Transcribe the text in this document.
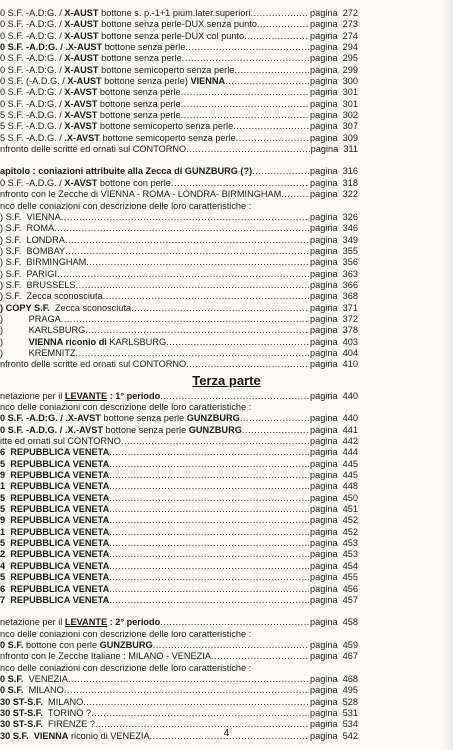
0 S.F. -A.D:G. / X-AUST bottone s. p.-1+1 pium.later.superiori .....	pagina  272
0 S.F. -A.D:G. / X-AUST bottone senza perle-DUX senza punto .....	pagina  273
0 S.F. -A.D:G. / X-AUST bottone senza perle-DUX col punto .....	pagina  274
0 S.F. -A.D:G. / .X-AUST bottone senza perle .....	pagina  294
0 S.F. -A.D:G. / X-AUST bottone senza perle .....	pagina  295
0 S.F. -A.D:G. / X-AUST bottone semicoperto senza perle .....	pagina  299
0 S.F. (-A.D.G. / X-AUST bottone senza perle) VIENNA .....	pagina  300
0 S.F. -A.D:G. / X-AVST bottone senza perle .....	pagina  301
0 S.F. -A.D:G. / X-AVST bottone senza perle .....	pagina  301
5 S.F. -A.D.G. / X-AVST bottone senza perle .....	pagina  302
5 S.F. -A.D.G. / X-AVST bottone semicoperto senza perle .....	pagina  307
5 S.F. -A.D.G. / .X-AVST bottone semicoperto senza perle .....	pagina  309
nfronto delle scritte ed ornati sul CONTORNO .....	pagina  311
apitolo : coniazioni attribuite alla Zecca di GUNZBURG (?) .....	pagina  316
0 S.F. -A.D.G. / X-AVST bottone con perle .....	pagina  318
nfronto con le Zecche di VIENNA - ROMA - LONDRA- BIRMINGHAM .....	pagina  322
nco delle coniazioni con descrizione delle loro caratteristiche :
) S.F.  VIENNA .....	pagina  326
) S.F.  ROMA .....	pagina  346
) S.F.  LONDRA .....	pagina  349
) S.F.  BOMBAY .....	pagina  355
) S.F.  BIRMINGHAM .....	pagina  356
) S.F.  PARIGI .....	pagina  363
) S.F.  BRUSSELS .....	pagina  366
) S.F.  Zecca sconosciuta .....	pagina  368
) COPY S.F.  Zecca sconosciuta .....	pagina  371
)          PRAGA .....	pagina  372
)          KARLSBURG .....	pagina  378
)          VIENNA riconio di KARLSBURG .....	pagina  403
)          KREMNITZ .....	pagina  404
nfronto delle scritte ed ornati sul CONTORNO .....	pagina  410
Terza parte
netazione per il LEVANTE : 1° periodo .....	pagina  440
nco delle coniazioni con descrizione delle loro caratteristiche :
0 S.F. -A.D:G. / .X-AVST bottone senza perle GUNZBURG .....	pagina  440
0 S.F. -A.D.G. / .X.-AVST bottone senza perle GUNZBURG .....	pagina  441
itte ed ornati sul CONTORNO .....	pagina  442
6  REPUBBLICA VENETA .....	pagina  444
5  REPUBBLICA VENETA .....	pagina  445
9  REPUBBLICA VENETA .....	pagina  445
1  REPUBBLICA VENETA .....	pagina  448
5  REPUBBLICA VENETA .....	pagina  450
5  REPUBBLICA VENETA .....	pagina  451
9  REPUBBLICA VENETA .....	pagina  452
1  REPUBBLICA VENETA .....	pagina  452
5  REPUBBLICA VENETA .....	pagina  453
2  REPUBBLICA VENETA .....	pagina  453
4  REPUBBLICA VENETA .....	pagina  454
5  REPUBBLICA VENETA .....	pagina  455
6  REPUBBLICA VENETA .....	pagina  456
7  REPUBBLICA VENETA .....	pagina  457
netazione per il LEVANTE : 2° periodo .....	pagina  458
nco delle coniazioni con descrizione delle loro caratteristiche :
0 S.F. bottone con perle GUNZBURG .....	pagina  459
nfronto con le Zecche Italiane : MILANO - VENEZIA .....	pagina  467
nco delle coniazioni con descrizione delle loro caratteristiche :
0 S.F.  VENEZIA .....	pagina  468
0 S.F.  MILANO .....	pagina  495
30 ST-S.F.  MILANO .....	pagina  528
30 ST-S.F.  TORINO ? .....	pagina  531
30 ST-S.F.  FIRENZE ? .....	pagina  534
30 S.F.  VIENNA riconio di VENEZIA .....	pagina  542
4
